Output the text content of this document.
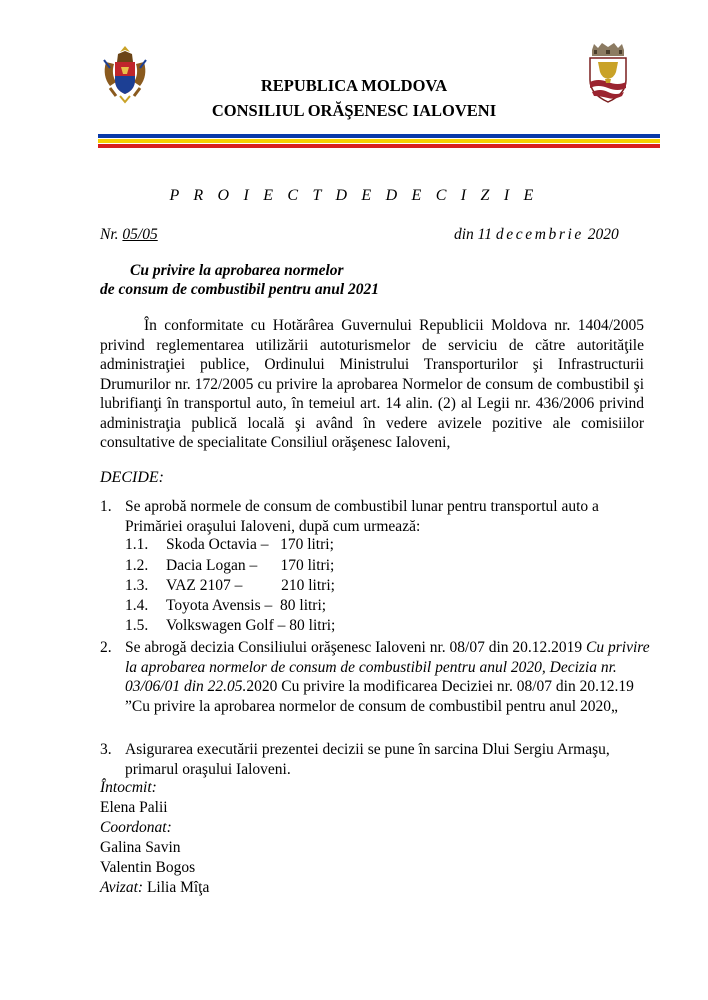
REPUBLICA MOLDOVA
CONSILIUL ORĂŞENESC IALOVENI
P R O I E C T D E D E C I Z I E
Nr. 05/05	din 11 decembrie 2020
Cu privire la aprobarea normelor
de consum de combustibil pentru anul 2021
În conformitate cu Hotărârea Guvernului Republicii Moldova nr. 1404/2005 privind reglementarea utilizării autoturismelor de serviciu de către autorităţile administraţiei publice, Ordinului Ministrului Transporturilor şi Infrastructurii Drumurilor nr. 172/2005 cu privire la aprobarea Normelor de consum de combustibil şi lubrifianţi în transportul auto, în temeiul art. 14 alin. (2) al Legii nr. 436/2006 privind administraţia publică locală şi având în vedere avizele pozitive ale comisiilor consultative de specialitate Consiliul orăşenesc Ialoveni,
DECIDE:
1. Se aprobă normele de consum de combustibil lunar pentru transportul auto a Primăriei oraşului Ialoveni, după cum urmează:
1.1. Skoda Octavia –   170 litri;
1.2. Dacia Logan –      170 litri;
1.3. VAZ 2107 –          210 litri;
1.4. Toyota Avensis –  80 litri;
1.5. Volkswagen Golf – 80 litri;
2. Se abrogă decizia Consiliului orăşenesc Ialoveni nr. 08/07 din 20.12.2019 Cu privire la aprobarea normelor de consum de combustibil pentru anul 2020, Decizia nr. 03/06/01 din 22.05.2020 Cu privire la modificarea Deciziei nr. 08/07 din 20.12.19 ”Cu privire la aprobarea normelor de consum de combustibil pentru anul 2020„
3. Asigurarea executării prezentei decizii se pune în sarcina Dlui Sergiu Armaşu, primarul oraşului Ialoveni.
Întocmit:
Elena Palii
Coordonat:
Galina Savin
Valentin Bogos
Avizat: Lilia Mîţa
